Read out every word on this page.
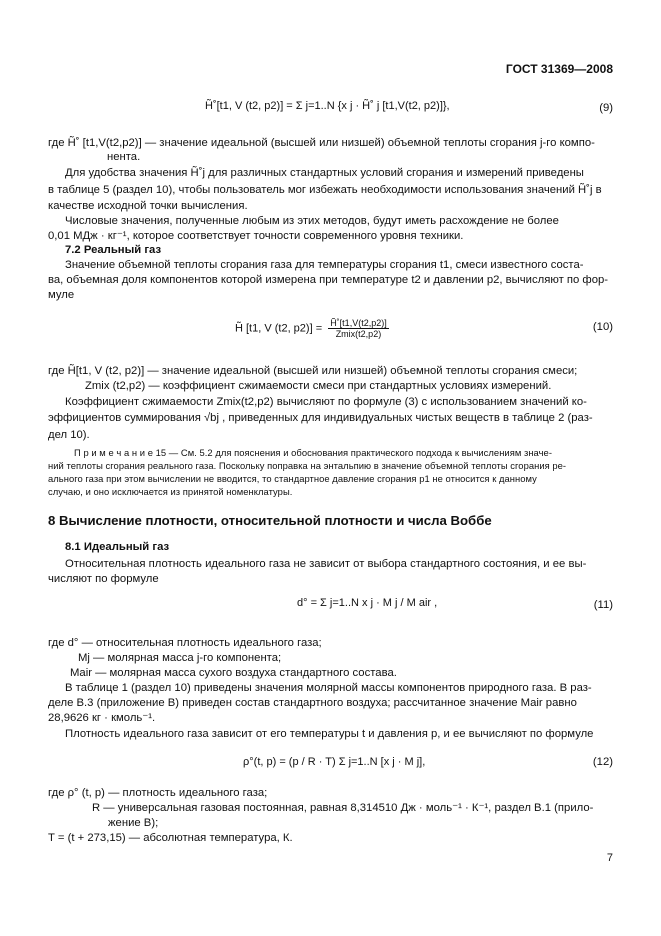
ГОСТ 31369—2008
H̃˚[t1, V (t2, p2)] = Σ j=1..N {x j · H̃˚ j [t1,V(t2, p2)]},	(9)
где H̃˚ [t1,V(t2,p2)] — значение идеальной (высшей или низшей) объемной теплоты сгорания j-го компо-
нента.
Для удобства значения H̃˚j для различных стандартных условий сгорания и измерений приведены
в таблице 5 (раздел 10), чтобы пользователь мог избежать необходимости использования значений H̃˚j в
качестве исходной точки вычисления.
Числовые значения, полученные любым из этих методов, будут иметь расхождение не более
0,01 МДж · кг⁻¹, которое соответствует точности современного уровня техники.
7.2 Реальный газ
Значение объемной теплоты сгорания газа для температуры сгорания t1, смеси известного соста-
ва, объемная доля компонентов которой измерена при температуре t2 и давлении p2, вычисляют по фор-
муле
H̃ [t1, V (t2, p2)] = H̃˚[t1,V(t2,p2)]
Zmix(t2,p2)
(10)
где H̃[t1, V (t2, p2)] — значение идеальной (высшей или низшей) объемной теплоты сгорания смеси;
Zmix (t2,p2) — коэффициент сжимаемости смеси при стандартных условиях измерений.
Коэффициент сжимаемости Zmix(t2,p2) вычисляют по формуле (3) с использованием значений ко-
эффициентов суммирования √bj , приведенных для индивидуальных чистых веществ в таблице 2 (раз-
дел 10).
П р и м е ч а н и е 15 — См. 5.2 для пояснения и обоснования практического подхода к вычислениям значе-
ний теплоты сгорания реального газа. Поскольку поправка на энтальпию в значение объемной теплоты сгорания ре-
ального газа при этом вычислении не вводится, то стандартное давление сгорания p1 не относится к данному
случаю, и оно исключается из принятой номенклатуры.
8 Вычисление плотности, относительной плотности и числа Воббе
8.1 Идеальный газ
Относительная плотность идеального газа не зависит от выбора стандартного состояния, и ее вы-
числяют по формуле
d° = Σ j=1..N x j · M j / M air ,	(11)
где d° — относительная плотность идеального газа;
Mj — молярная масса j-го компонента;
Mair — молярная масса сухого воздуха стандартного состава.
В таблице 1 (раздел 10) приведены значения молярной массы компонентов природного газа. В раз-
деле В.3 (приложение В) приведен состав стандартного воздуха; рассчитанное значение Mair равно
28,9626 кг · кмоль⁻¹.
Плотность идеального газа зависит от его температуры t и давления p, и ее вычисляют по формуле
ρ°(t, p) = (p / R · T) Σ j=1..N [x j · M j],	(12)
где ρ° (t, p) — плотность идеального газа;
R — универсальная газовая постоянная, равная 8,314510 Дж · моль⁻¹ · К⁻¹, раздел В.1 (прило-
жение В);
T = (t + 273,15) — абсолютная температура, К.
7
